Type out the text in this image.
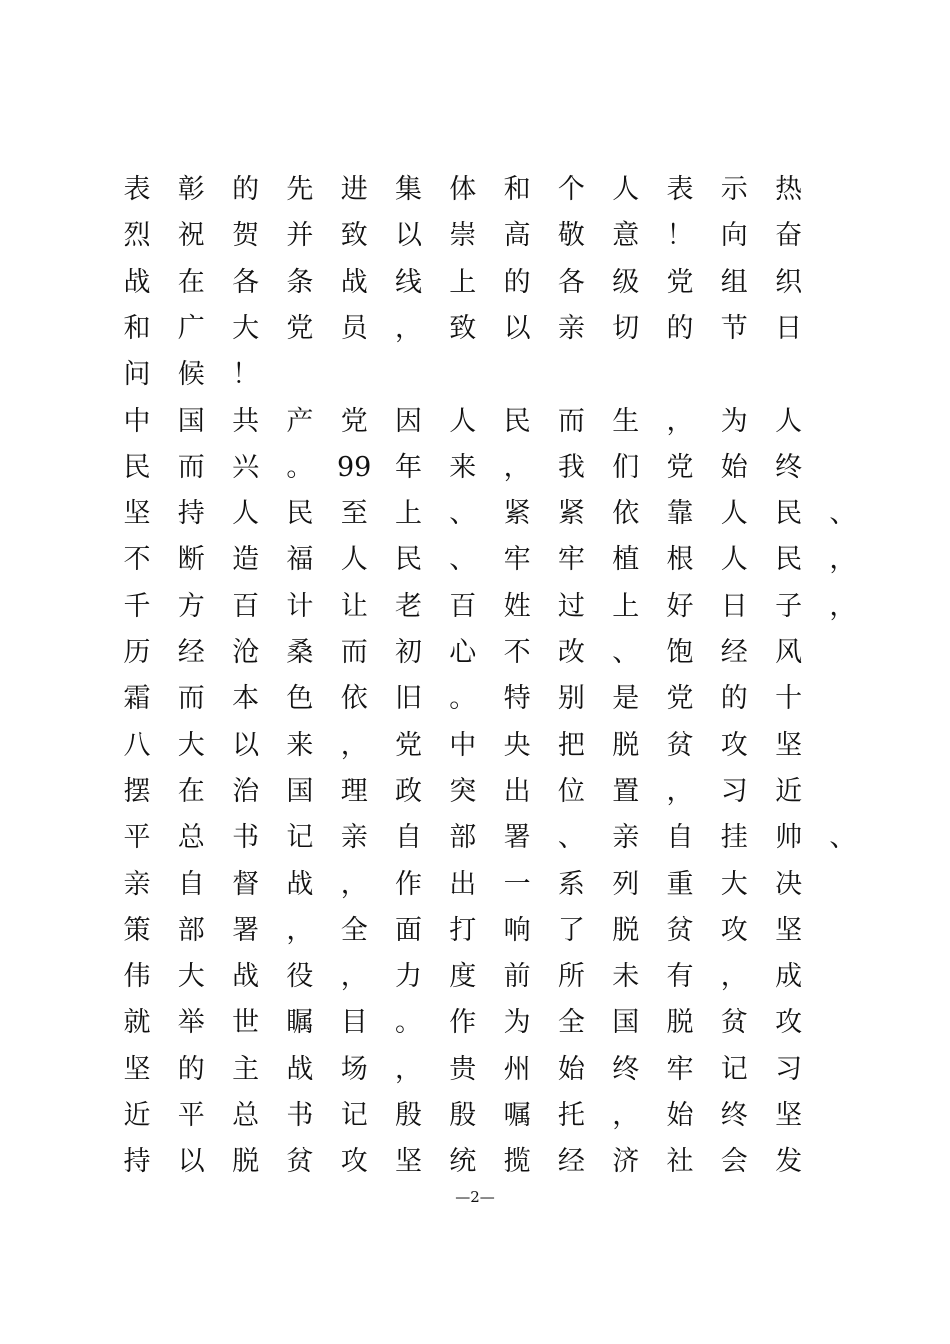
表 彰 的 先 进 集 体 和 个 人 表 示 热
烈 祝 贺 并 致 以 崇 高 敬 意 ！ 向 奋
战 在 各 条 战 线 上 的 各 级 党 组 织
和 广 大 党 员 ， 致 以 亲 切 的 节 日
问 候 ！
中 国 共 产 党 因 人 民 而 生 ， 为 人
民 而 兴 。 99 年 来 ， 我 们 党 始 终
坚 持 人 民 至 上 、 紧 紧 依 靠 人 民 、
不 断 造 福 人 民 、 牢 牢 植 根 人 民 ，
千 方 百 计 让 老 百 姓 过 上 好 日 子 ，
历 经 沧 桑 而 初 心 不 改 、 饱 经 风
霜 而 本 色 依 旧 。 特 别 是 党 的 十
八 大 以 来 ， 党 中 央 把 脱 贫 攻 坚
摆 在 治 国 理 政 突 出 位 置 ， 习 近
平 总 书 记 亲 自 部 署 、 亲 自 挂 帅 、
亲 自 督 战 ， 作 出 一 系 列 重 大 决
策 部 署 ， 全 面 打 响 了 脱 贫 攻 坚
伟 大 战 役 ， 力 度 前 所 未 有 ， 成
就 举 世 瞩 目 。 作 为 全 国 脱 贫 攻
坚 的 主 战 场 ， 贵 州 始 终 牢 记 习
近 平 总 书 记 殷 殷 嘱 托 ， 始 终 坚
持 以 脱 贫 攻 坚 统 揽 经 济 社 会 发
—2—
